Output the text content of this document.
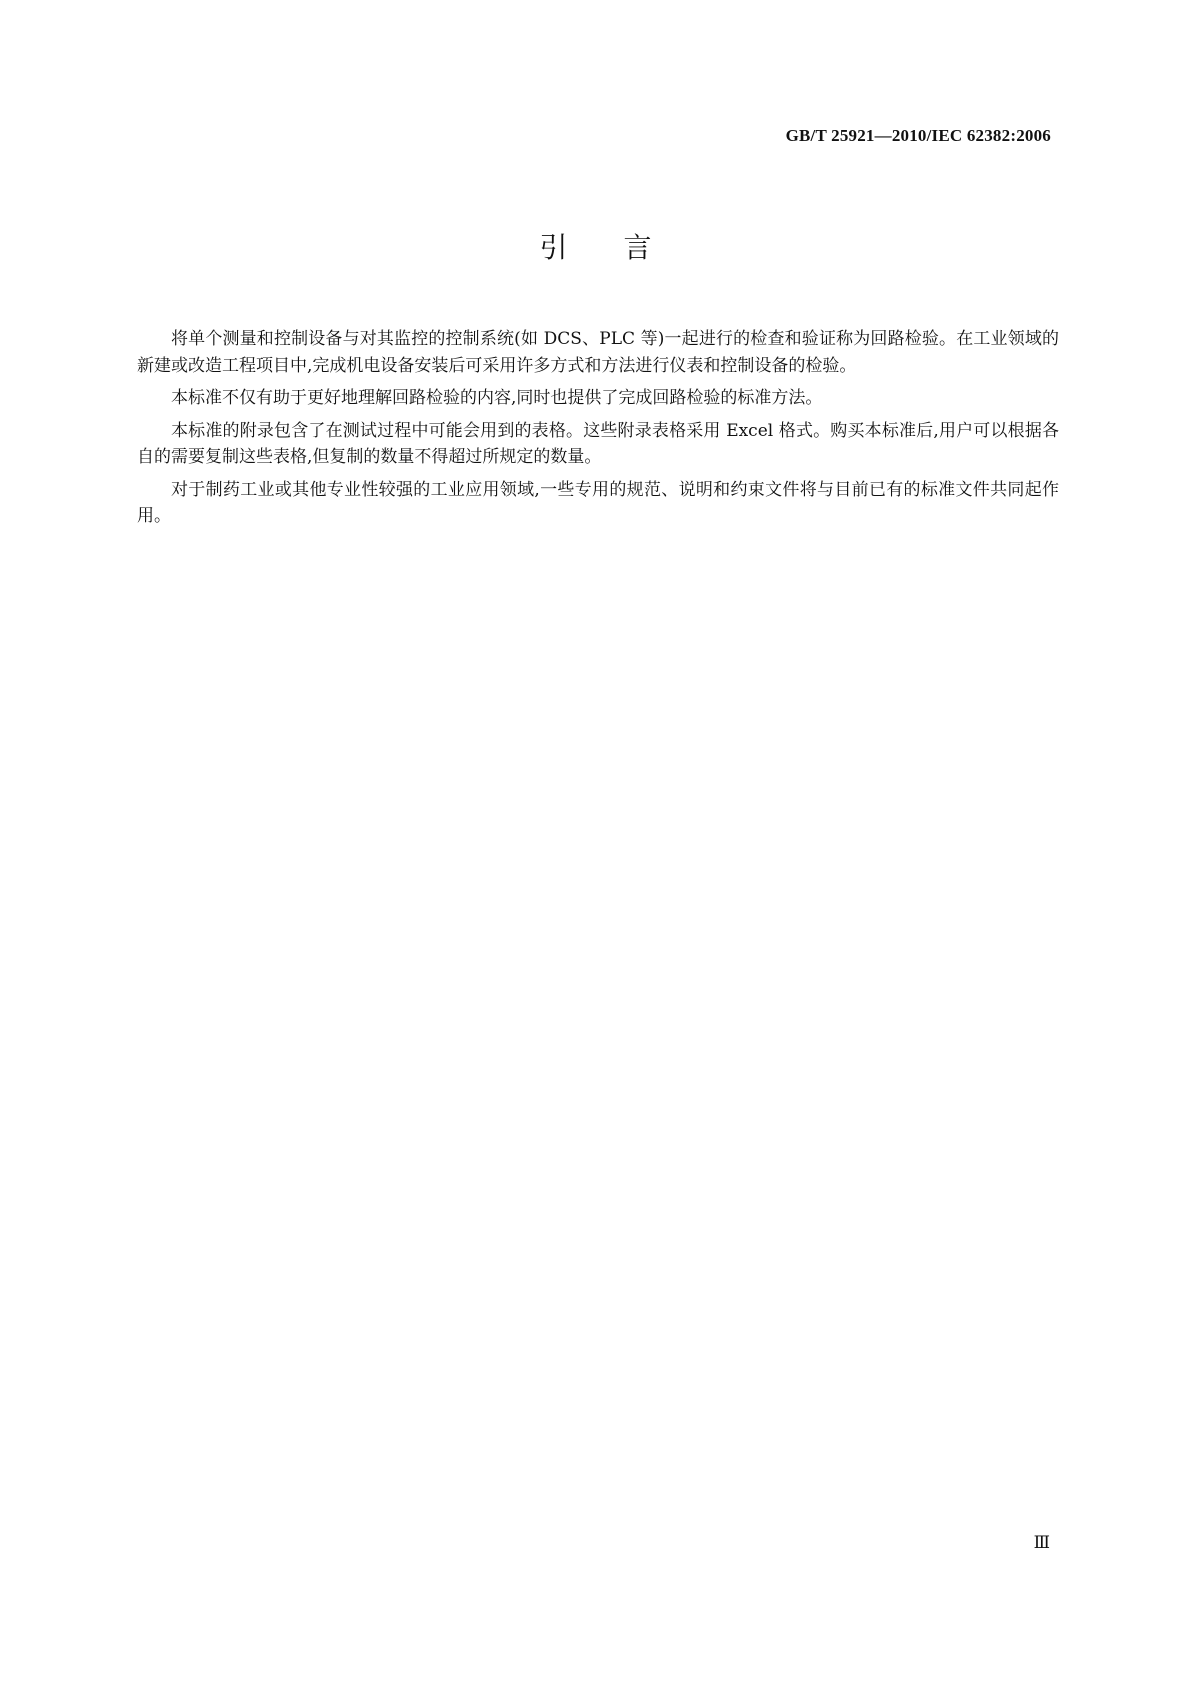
GB/T 25921—2010/IEC 62382:2006
引言

将单个测量和控制设备与对其监控的控制系统(如 DCS、PLC 等)一起进行的检查和验证称为回路检验。在工业领域的新建或改造工程项目中,完成机电设备安装后可采用许多方式和方法进行仪表和控制设备的检验。

本标准不仅有助于更好地理解回路检验的内容,同时也提供了完成回路检验的标准方法。

本标准的附录包含了在测试过程中可能会用到的表格。这些附录表格采用 Excel 格式。购买本标准后,用户可以根据各自的需要复制这些表格,但复制的数量不得超过所规定的数量。

对于制药工业或其他专业性较强的工业应用领域,一些专用的规范、说明和约束文件将与目前已有的标准文件共同起作用。

Ⅲ
